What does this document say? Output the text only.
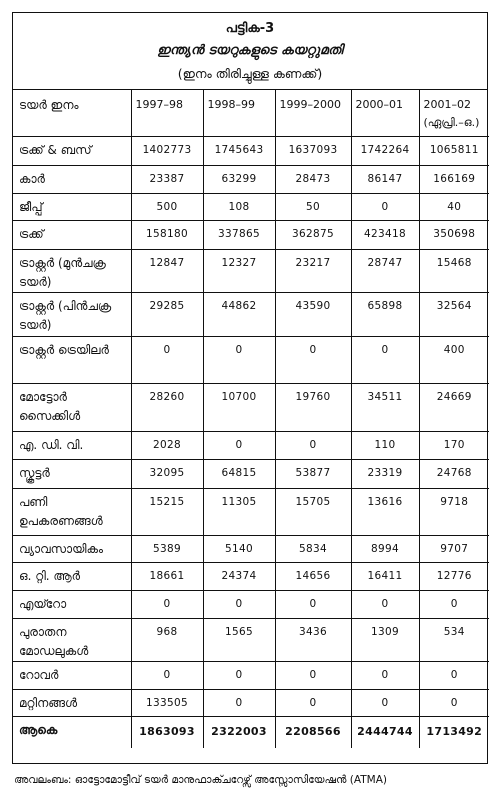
പട്ടിക-3
ഇന്ത്യൻ ടയറുകളുടെ കയറ്റുമതി
(ഇനം തിരിച്ചുള്ള കണക്ക്)
ടയർ ഇനം	1997–98	1998–99	1999–2000	2000–01	2001–02 (ഏപ്രി.–ഒ.)
ട്രക്ക് & ബസ്	1402773	1745643	1637093	1742264	1065811
കാർ	23387	63299	28473	86147	166169
ജീപ്പ്	500	108	50	0	40
ട്രക്ക്	158180	337865	362875	423418	350698
ട്രാക്റ്റർ (മുൻചക്ര ടയർ)	12847	12327	23217	28747	15468
ട്രാക്റ്റർ (പിൻചക്ര ടയർ)	29285	44862	43590	65898	32564
ട്രാക്റ്റർ ട്രെയിലർ	0	0	0	0	400
മോട്ടോർ സൈക്കിൾ	28260	10700	19760	34511	24669
എ. ഡി. വി.	2028	0	0	110	170
സ്കൂട്ടർ	32095	64815	53877	23319	24768
പണി ഉപകരണങ്ങൾ	15215	11305	15705	13616	9718
വ്യാവസായികം	5389	5140	5834	8994	9707
ഒ. റ്റി. ആർ	18661	24374	14656	16411	12776
എയ്റോ	0	0	0	0	0
പുരാതന മോഡലുകൾ	968	1565	3436	1309	534
റോവർ	0	0	0	0	0
മറ്റിനങ്ങൾ	133505	0	0	0	0
ആകെ	1863093	2322003	2208566	2444744	1713492
അവലംബം: ഓട്ടോമോട്ടീവ് ടയർ മാനുഫാക്ചറേഴ്സ് അസ്സോസിയേഷൻ (ATMA)
